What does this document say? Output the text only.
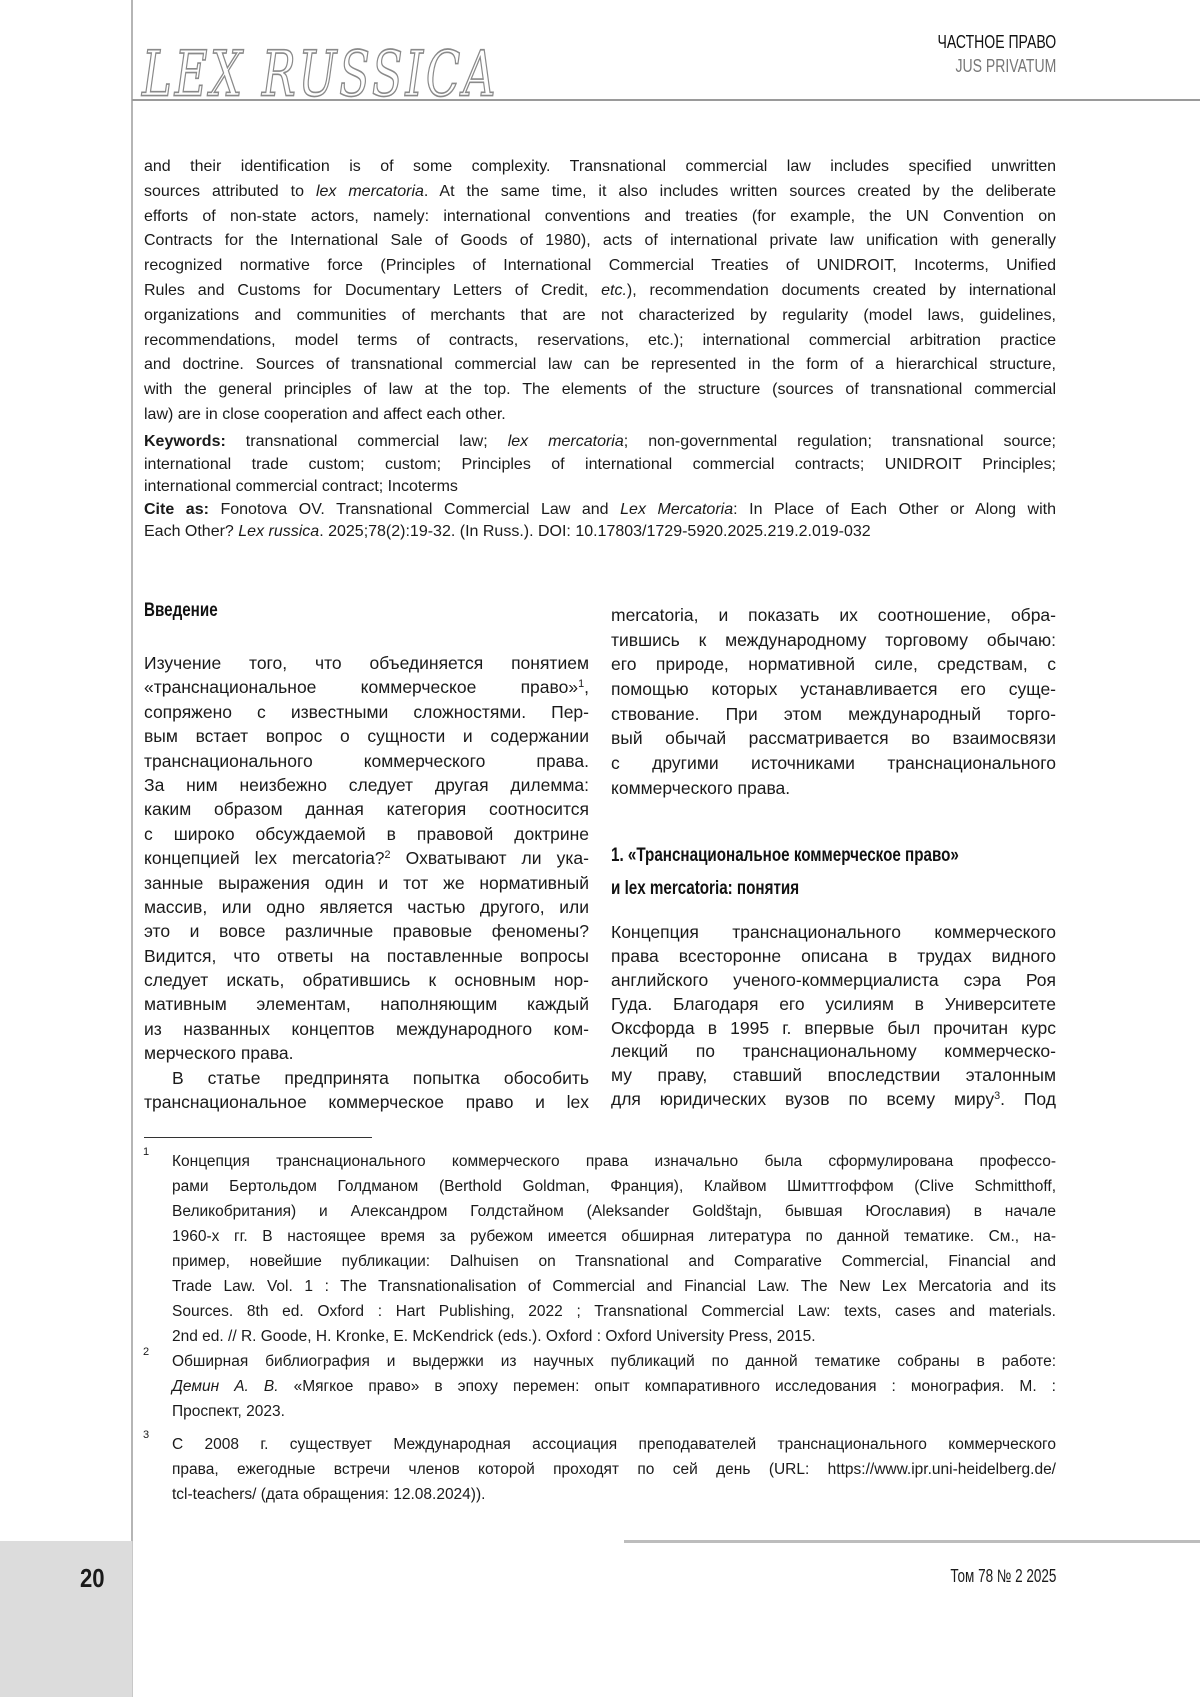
LEX RUSSICA	ЧАСТНОЕ ПРАВО
JUS PRIVATUM
and their identification is of some complexity. Transnational commercial law includes specified unwritten
sources attributed to lex mercatoria. At the same time, it also includes written sources created by the deliberate
efforts of non-state actors, namely: international conventions and treaties (for example, the UN Convention on
Contracts for the International Sale of Goods of 1980), acts of international private law unification with generally
recognized normative force (Principles of International Commercial Treaties of UNIDROIT, Incoterms, Unified
Rules and Customs for Documentary Letters of Credit, etc.), recommendation documents created by international
organizations and communities of merchants that are not characterized by regularity (model laws, guidelines,
recommendations, model terms of contracts, reservations, etc.); international commercial arbitration practice
and doctrine. Sources of transnational commercial law can be represented in the form of a hierarchical structure,
with the general principles of law at the top. The elements of the structure (sources of transnational commercial
law) are in close cooperation and affect each other.
Keywords: transnational commercial law; lex mercatoria; non-governmental regulation; transnational source;
international trade custom; custom; Principles of international commercial contracts; UNIDROIT Principles;
international commercial contract; Incoterms
Cite as: Fonotova OV. Transnational Commercial Law and Lex Mercatoria: In Place of Each Other or Along with
Each Other? Lex russica. 2025;78(2):19-32. (In Russ.). DOI: 10.17803/1729-5920.2025.219.2.019-032
Введение
Изучение того, что объединяется понятием
«транснациональное коммерческое право»1,
сопряжено с известными сложностями. Пер-
вым встает вопрос о сущности и содержании
транснационального коммерческого права.
За ним неизбежно следует другая дилемма:
каким образом данная категория соотносится
с широко обсуждаемой в правовой доктрине
концепцией lex mercatoria?2 Охватывают ли ука-
занные выражения один и тот же нормативный
массив, или одно является частью другого, или
это и вовсе различные правовые феномены?
Видится, что ответы на поставленные вопросы
следует искать, обратившись к основным нор-
мативным элементам, наполняющим каждый
из названных концептов международного ком-
мерческого права.
В статье предпринята попытка обособить
транснациональное коммерческое право и lex
mercatoria, и показать их соотношение, обра-
тившись к международному торговому обычаю:
его природе, нормативной силе, средствам, с
помощью которых устанавливается его суще-
ствование. При этом международный торго-
вый обычай рассматривается во взаимосвязи
с другими источниками транснационального
коммерческого права.
1. «Транснациональное коммерческое право»
и lex mercatoria: понятия
Концепция транснационального коммерческого
права всесторонне описана в трудах видного
английского ученого-коммерциалиста сэра Роя
Гуда. Благодаря его усилиям в Университете
Оксфорда в 1995 г. впервые был прочитан курс
лекций по транснациональному коммерческо-
му праву, ставший впоследствии эталонным
для юридических вузов по всему миру3. Под
1
Концепция транснационального коммерческого права изначально была сформулирована профессо-
рами Бертольдом Голдманом (Berthold Goldman, Франция), Клайвом Шмиттгоффом (Clive Schmitthoff,
Великобритания) и Александром Голдстайном (Aleksander Goldštajn, бывшая Югославия) в начале
1960-х гг. В настоящее время за рубежом имеется обширная литература по данной тематике. См., на-
пример, новейшие публикации: Dalhuisen on Transnational and Comparative Commercial, Financial and
Trade Law. Vol. 1 : The Transnationalisation of Commercial and Financial Law. The New Lex Mercatoria and its
Sources. 8th ed. Oxford : Hart Publishing, 2022 ; Transnational Commercial Law: texts, cases and materials.
2nd ed. // R. Goode, H. Kronke, E. McKendrick (eds.). Oxford : Oxford University Press, 2015.
2
Обширная библиография и выдержки из научных публикаций по данной тематике собраны в работе:
Демин А. В. «Мягкое право» в эпоху перемен: опыт компаративного исследования : монография. М. :
Проспект, 2023.
3
С 2008 г. существует Международная ассоциация преподавателей транснационального коммерческого
права, ежегодные встречи членов которой проходят по сей день (URL: https://www.ipr.uni-heidelberg.de/
tcl-teachers/ (дата обращения: 12.08.2024)).
20	Том 78 № 2 2025
